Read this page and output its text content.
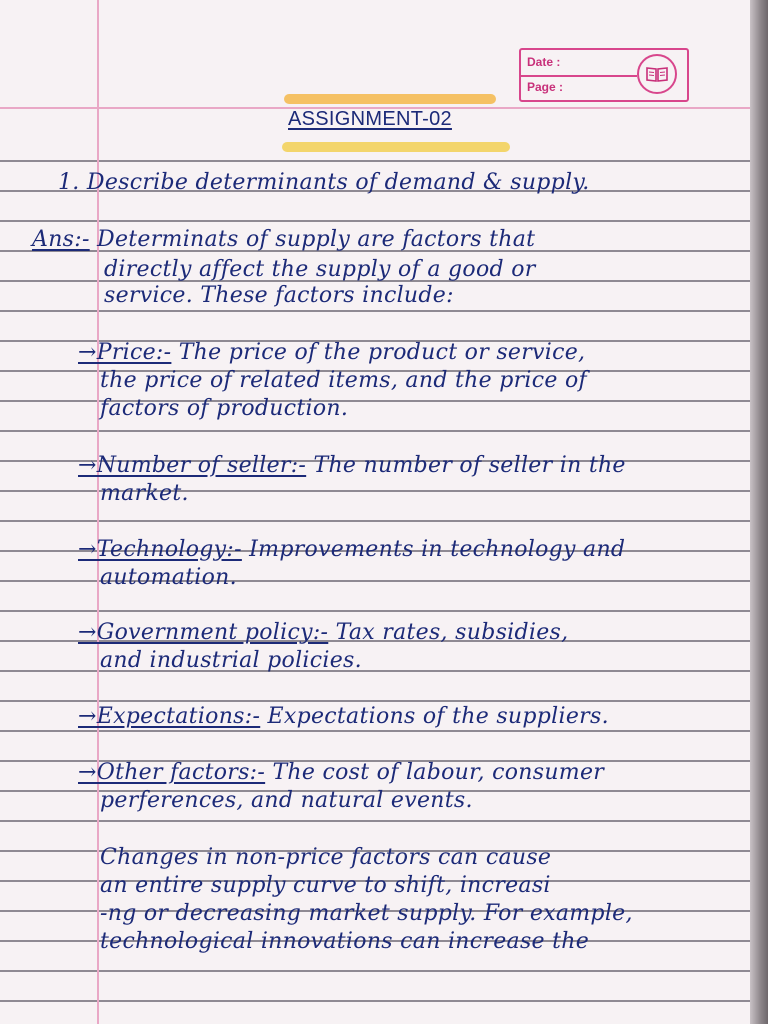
Date :
Page :
ASSIGNMENT-02
1. Describe determinants of demand & supply.
Ans:- Determinats of supply are factors that
directly affect the supply of a good or
service. These factors include:
→Price:- The price of the product or service,
the price of related items, and the price of
factors of production.
→Number of seller:- The number of seller in the
market.
→Technology:- Improvements in technology and
automation.
→Government policy:- Tax rates, subsidies,
and industrial policies.
→Expectations:- Expectations of the suppliers.
→Other factors:- The cost of labour, consumer
perferences, and natural events.
Changes in non-price factors can cause
an entire supply curve to shift, increasi
-ng or decreasing market supply. For example,
technological innovations can increase the
